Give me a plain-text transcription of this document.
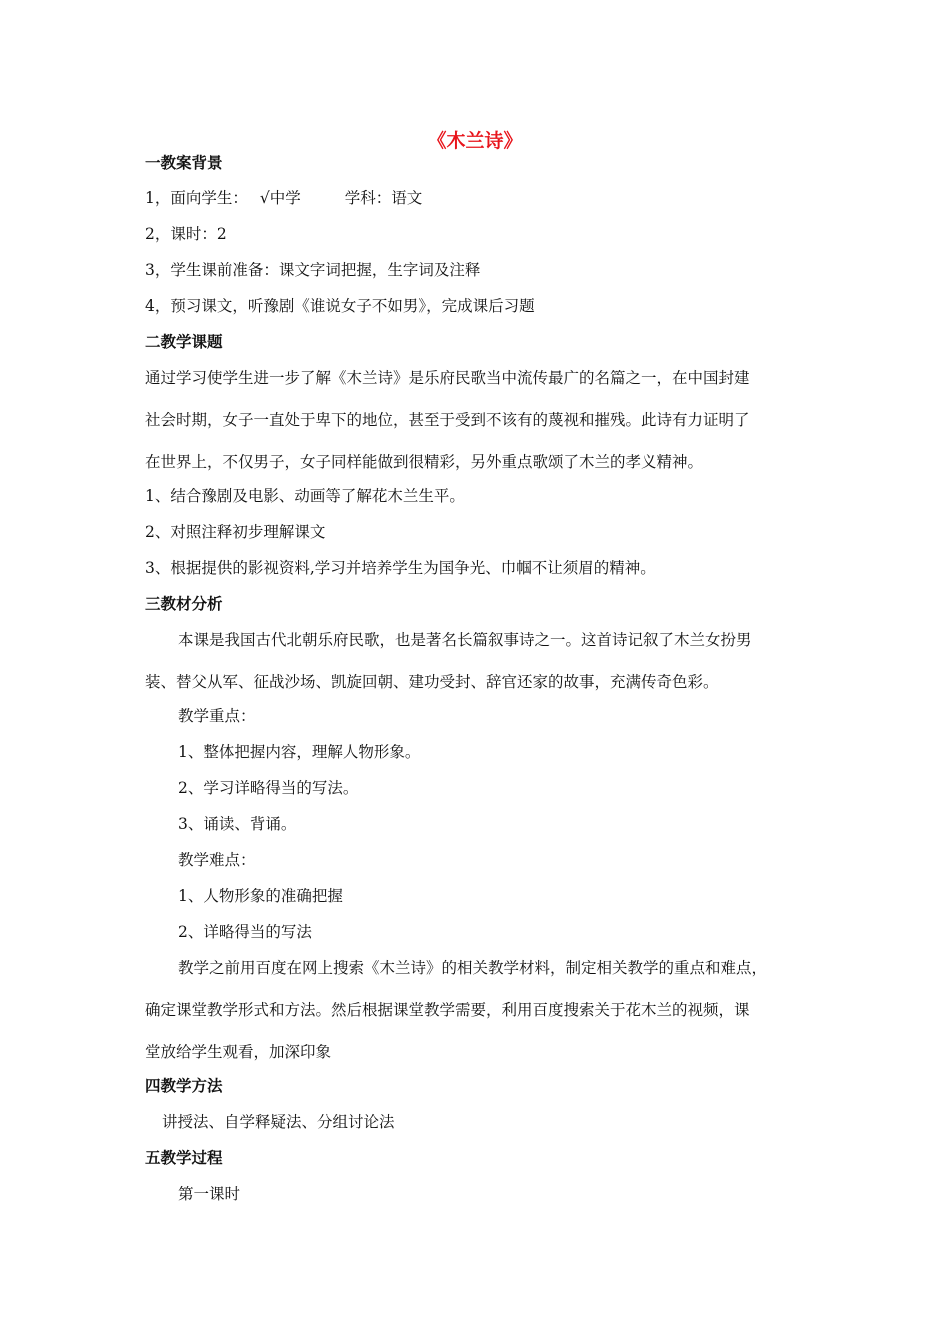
《木兰诗》
一教案背景
1，面向学生： √中学	学科：语文
2，课时：2
3，学生课前准备：课文字词把握，生字词及注释
4，预习课文，听豫剧《谁说女子不如男》，完成课后习题
二教学课题
通过学习使学生进一步了解《木兰诗》是乐府民歌当中流传最广的名篇之一，在中国封建
社会时期，女子一直处于卑下的地位，甚至于受到不该有的蔑视和摧残。此诗有力证明了
在世界上，不仅男子，女子同样能做到很精彩，另外重点歌颂了木兰的孝义精神。
1、结合豫剧及电影、动画等了解花木兰生平。
2、对照注释初步理解课文
3、根据提供的影视资料,学习并培养学生为国争光、巾帼不让须眉的精神。
三教材分析
本课是我国古代北朝乐府民歌，也是著名长篇叙事诗之一。这首诗记叙了木兰女扮男
装、替父从军、征战沙场、凯旋回朝、建功受封、辞官还家的故事，充满传奇色彩。
教学重点：
1、整体把握内容，理解人物形象。
2、学习详略得当的写法。
3、诵读、背诵。
教学难点：
1、人物形象的准确把握
2、详略得当的写法
教学之前用百度在网上搜索《木兰诗》的相关教学材料，制定相关教学的重点和难点，
确定课堂教学形式和方法。然后根据课堂教学需要，利用百度搜索关于花木兰的视频，课
堂放给学生观看，加深印象
四教学方法
讲授法、自学释疑法、分组讨论法
五教学过程
第一课时
